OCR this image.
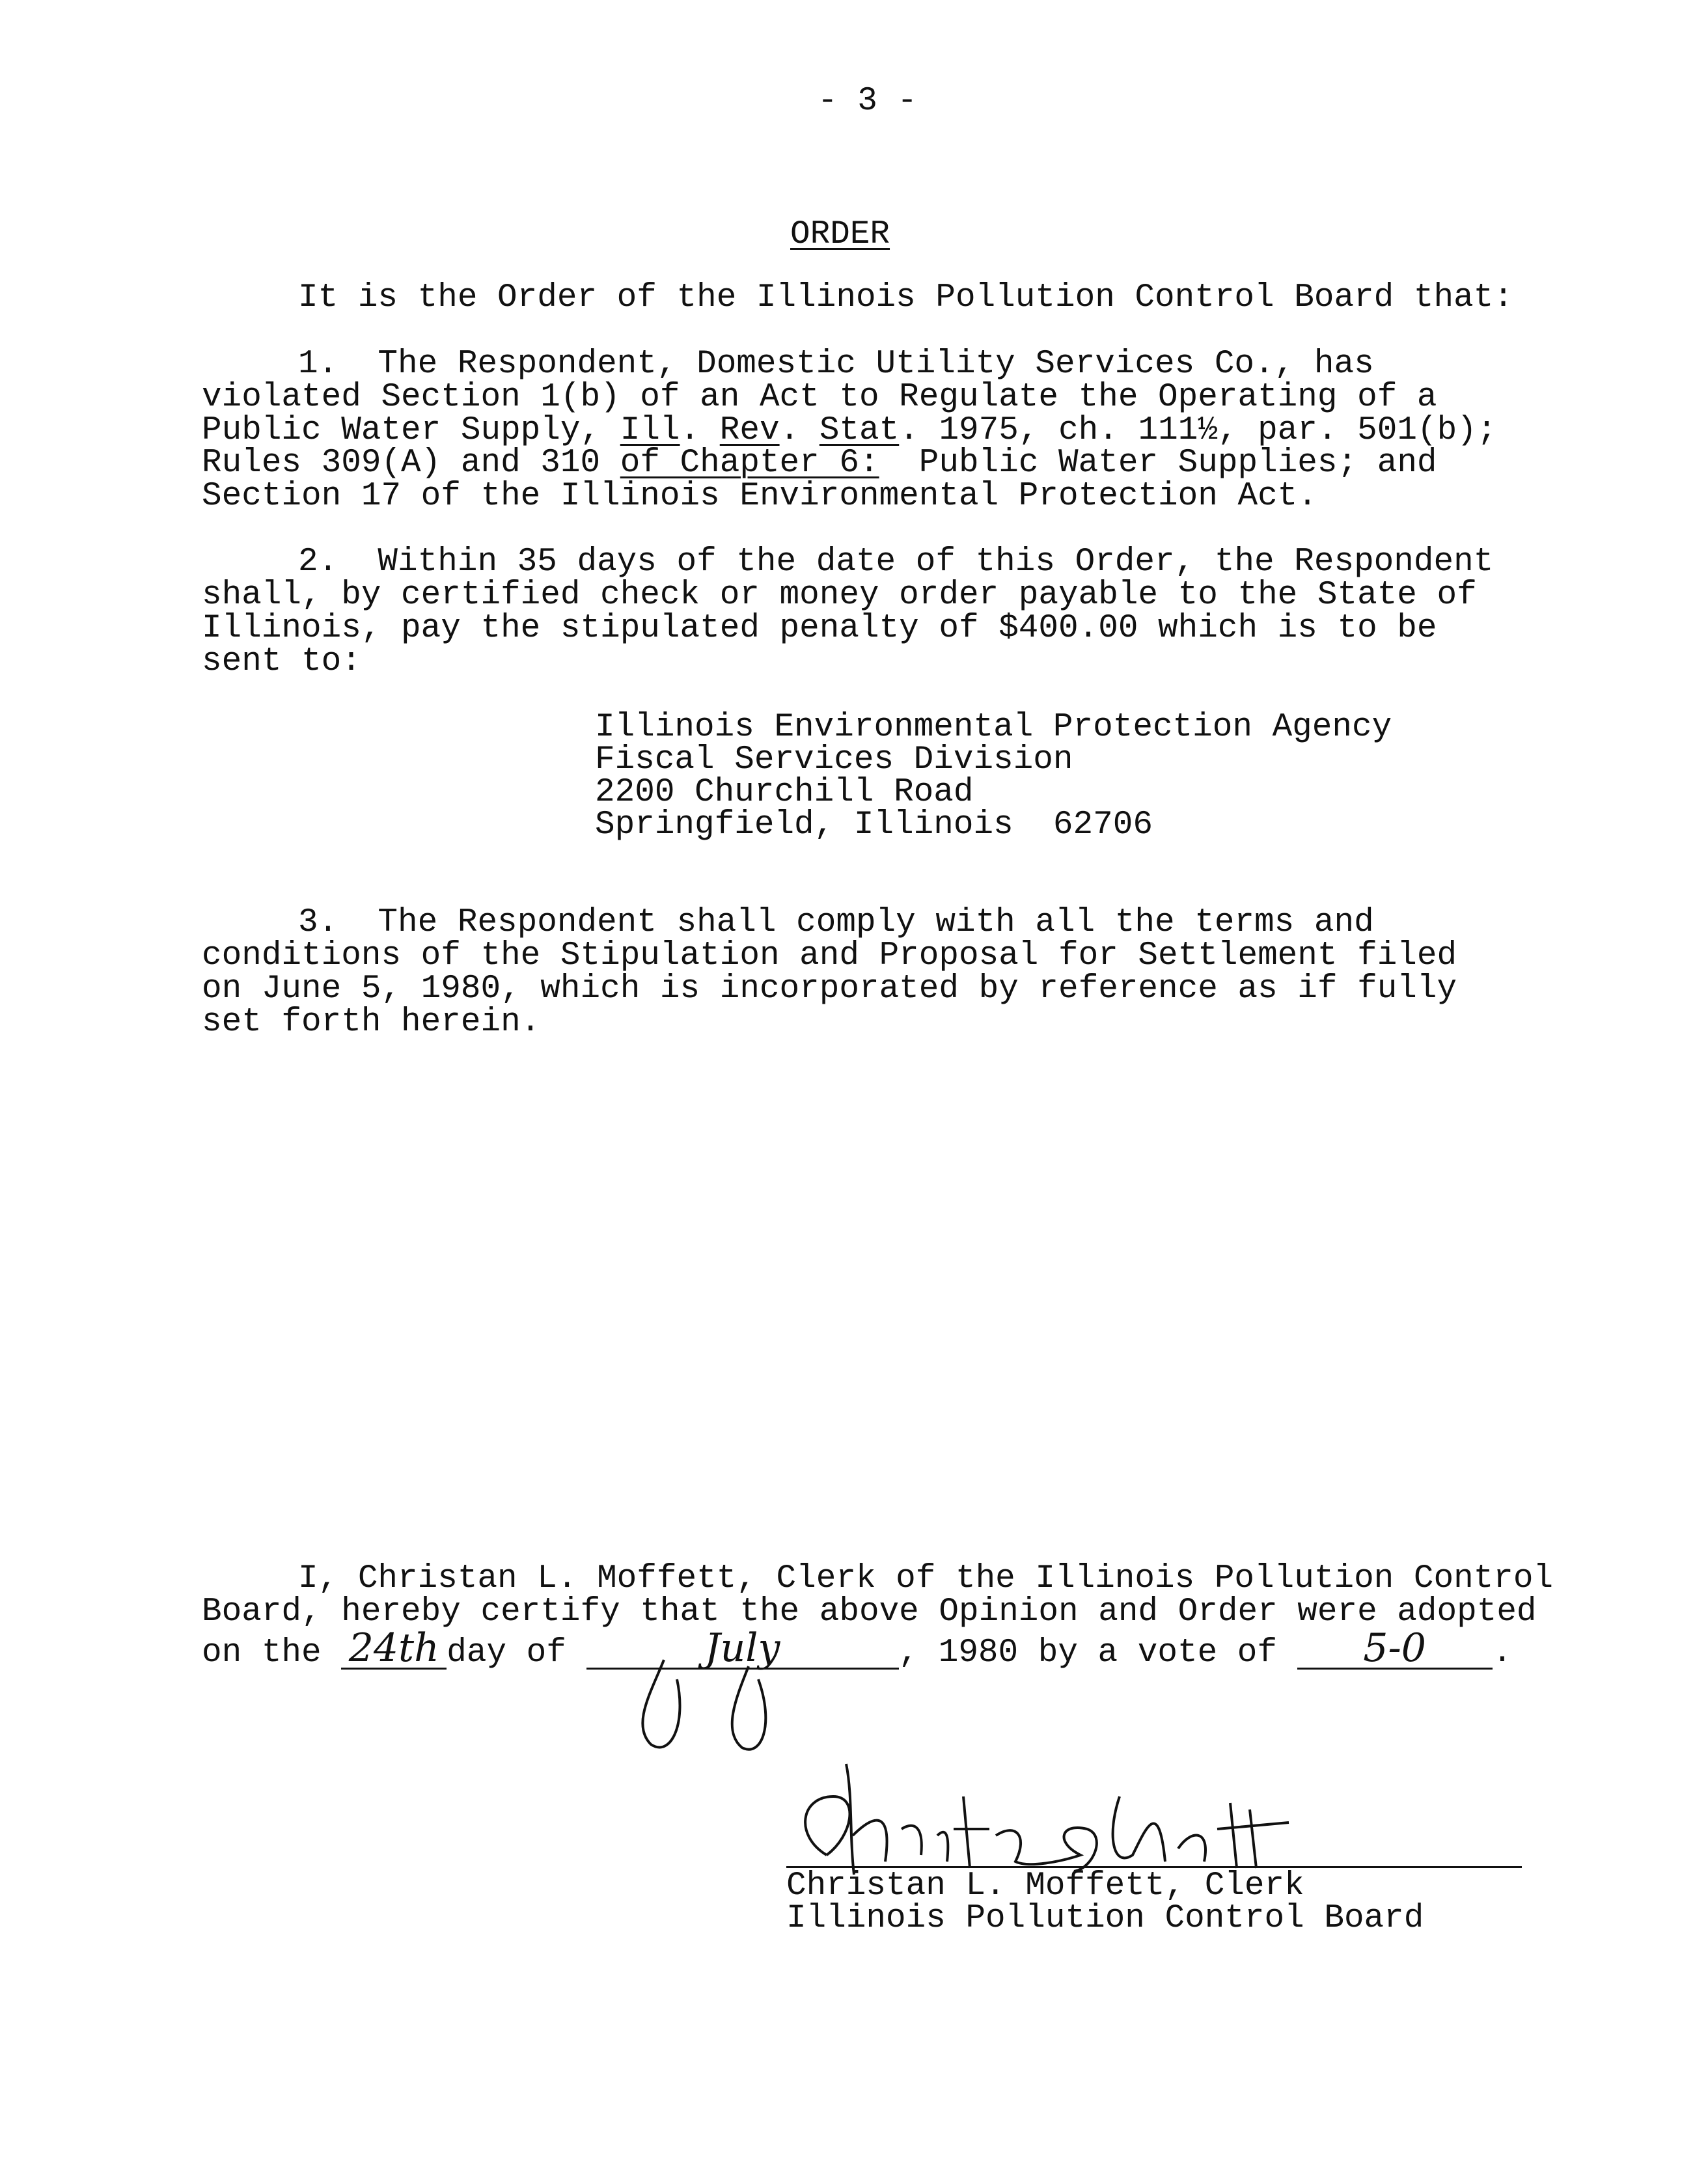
- 3 -
ORDER
It is the Order of the Illinois Pollution Control Board that:
1.  The Respondent, Domestic Utility Services Co., has
violated Section 1(b) of an Act to Regulate the Operating of a
Public Water Supply, Ill. Rev. Stat. 1975, ch. 111½, par. 501(b);
Rules 309(A) and 310 of Chapter 6:  Public Water Supplies; and
Section 17 of the Illinois Environmental Protection Act.
2.  Within 35 days of the date of this Order, the Respondent
shall, by certified check or money order payable to the State of
Illinois, pay the stipulated penalty of $400.00 which is to be
sent to:
Illinois Environmental Protection Agency
Fiscal Services Division
2200 Churchill Road
Springfield, Illinois  62706
3.  The Respondent shall comply with all the terms and
conditions of the Stipulation and Proposal for Settlement filed
on June 5, 1980, which is incorporated by reference as if fully
set forth herein.
I, Christan L. Moffett, Clerk of the Illinois Pollution Control
Board, hereby certify that the above Opinion and Order were adopted
on the 24th day of	July	, 1980 by a vote of 5-0 .
Christan L. Moffett, Clerk
Illinois Pollution Control Board
